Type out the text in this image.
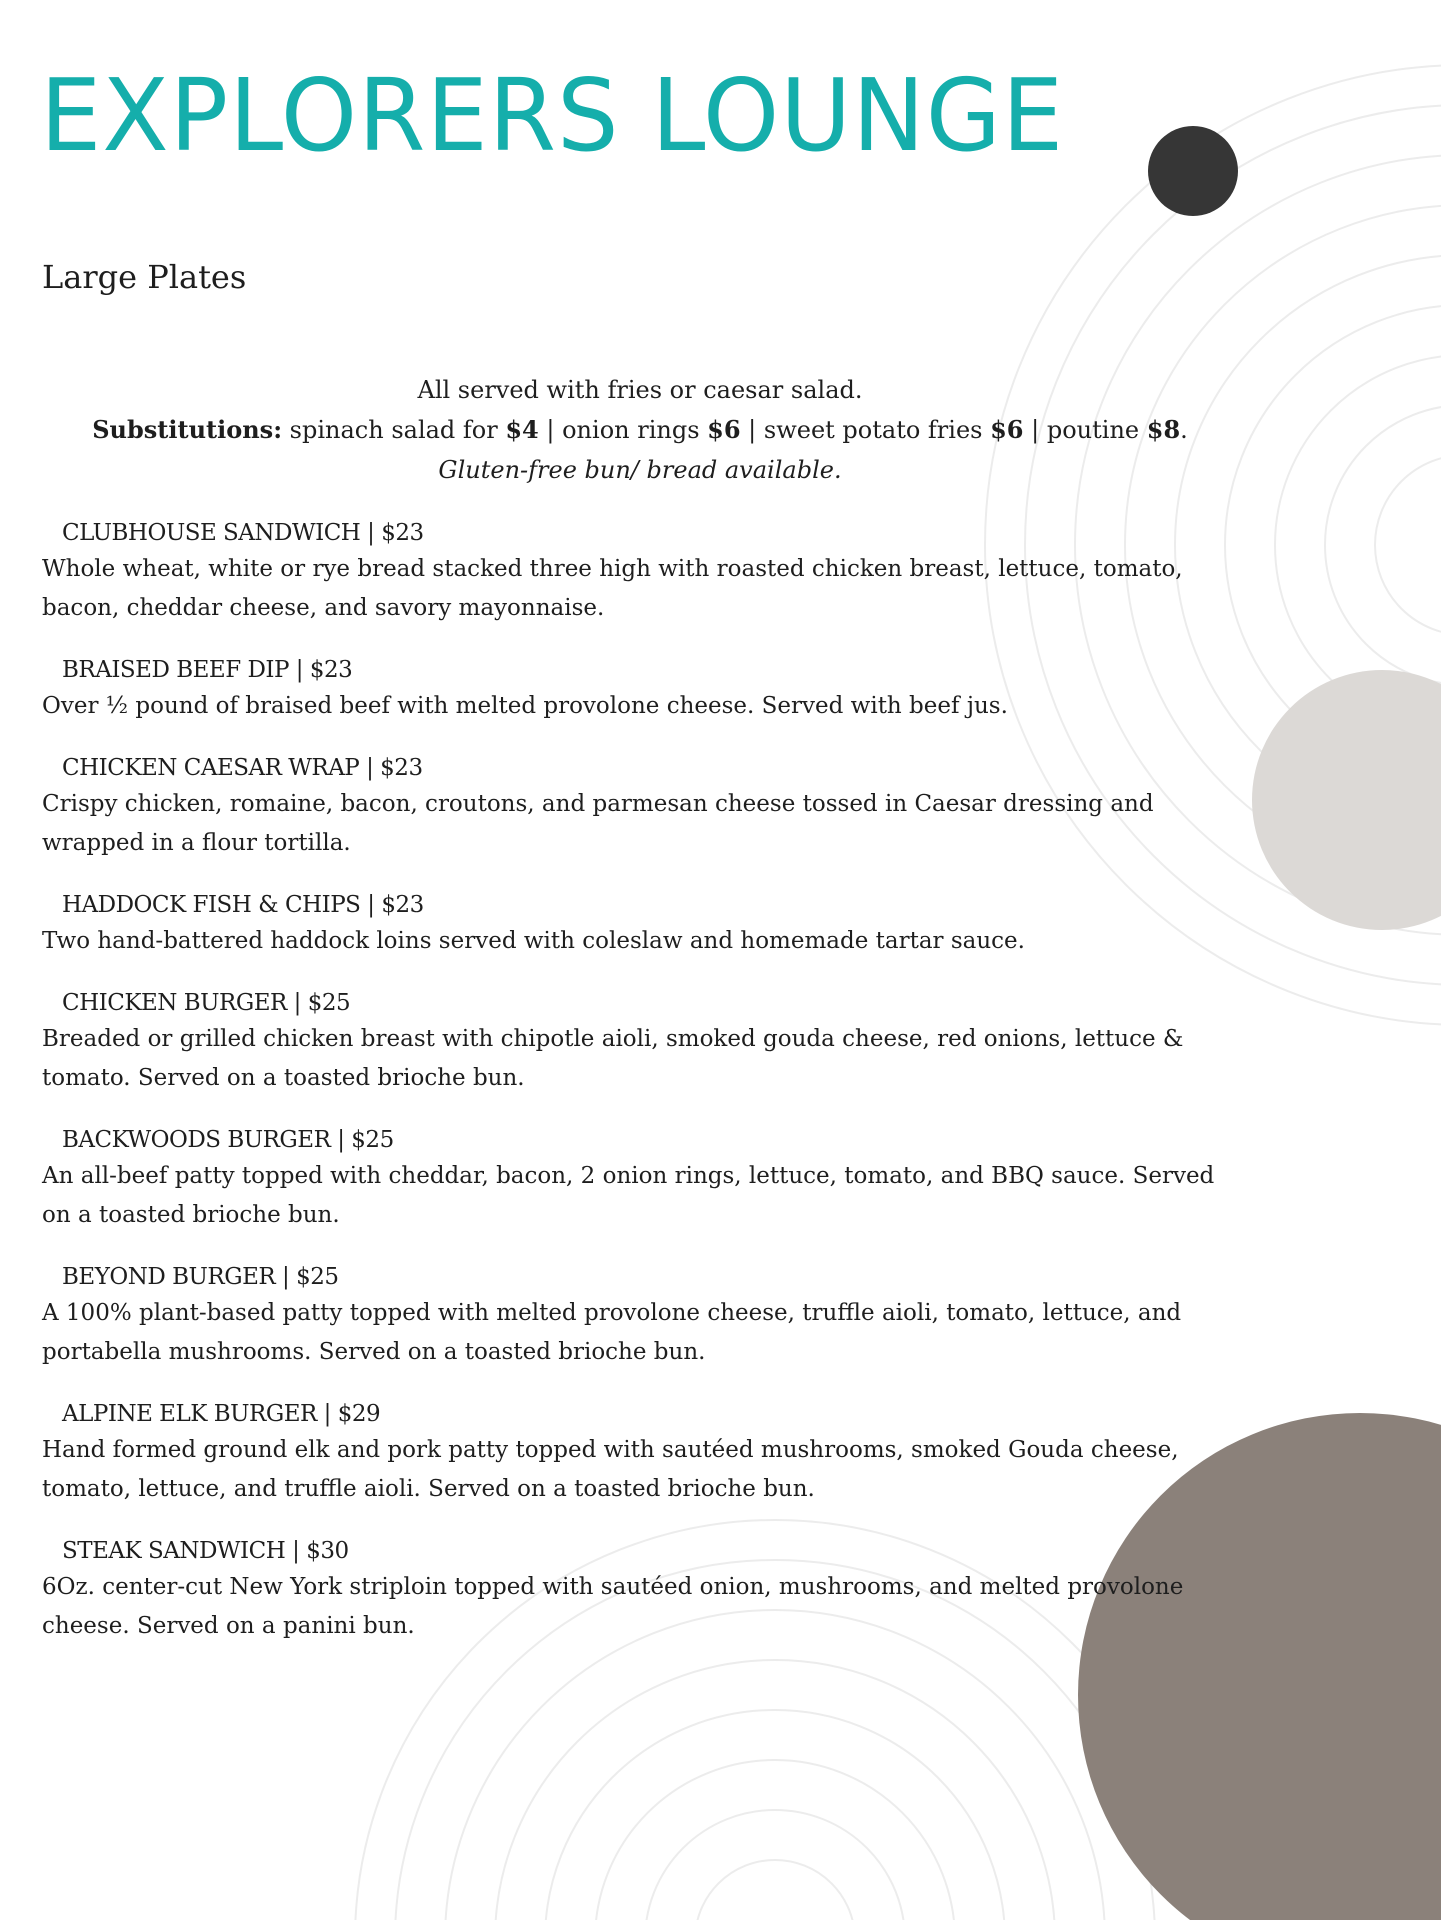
EXPLORERS LOUNGE
Large Plates
All served with fries or caesar salad.
Substitutions: spinach salad for $4 | onion rings $6 | sweet potato fries $6 | poutine $8.
Gluten-free bun/ bread available.
CLUBHOUSE SANDWICH | $23
Whole wheat, white or rye bread stacked three high with roasted chicken breast, lettuce, tomato, bacon, cheddar cheese, and savory mayonnaise.
BRAISED BEEF DIP | $23
Over ½ pound of braised beef with melted provolone cheese. Served with beef jus.
CHICKEN CAESAR WRAP | $23
Crispy chicken, romaine, bacon, croutons, and parmesan cheese tossed in Caesar dressing and wrapped in a flour tortilla.
HADDOCK FISH & CHIPS | $23
Two hand-battered haddock loins served with coleslaw and homemade tartar sauce.
CHICKEN BURGER | $25
Breaded or grilled chicken breast with chipotle aioli, smoked gouda cheese, red onions, lettuce & tomato. Served on a toasted brioche bun.
BACKWOODS BURGER | $25
An all-beef patty topped with cheddar, bacon, 2 onion rings, lettuce, tomato, and BBQ sauce. Served on a toasted brioche bun.
BEYOND BURGER | $25
A 100% plant-based patty topped with melted provolone cheese, truffle aioli, tomato, lettuce, and portabella mushrooms. Served on a toasted brioche bun.
ALPINE ELK BURGER | $29
Hand formed ground elk and pork patty topped with sautéed mushrooms, smoked Gouda cheese, tomato, lettuce, and truffle aioli. Served on a toasted brioche bun.
STEAK SANDWICH | $30
6Oz. center-cut New York striploin topped with sautéed onion, mushrooms, and melted provolone cheese. Served on a panini bun.
